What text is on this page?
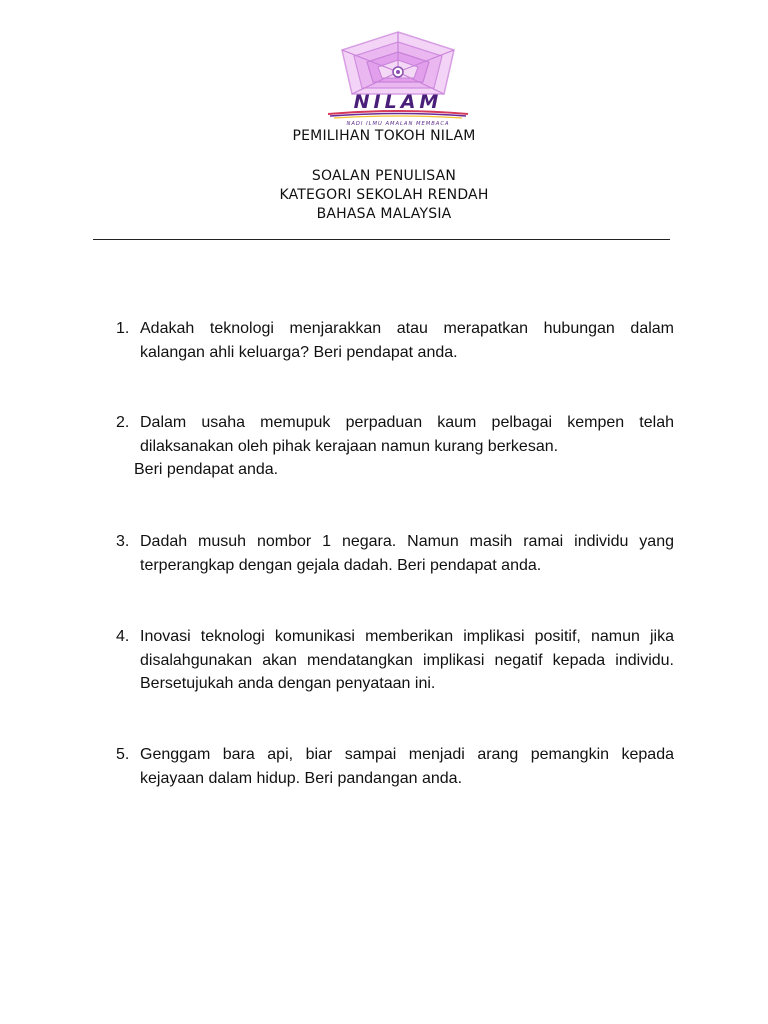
NILAM
NADI ILMU AMALAN MEMBACA
PEMILIHAN TOKOH NILAM
SOALAN PENULISAN
KATEGORI SEKOLAH RENDAH
BAHASA MALAYSIA
1. Adakah teknologi menjarakkan atau merapatkan hubungan dalam kalangan ahli keluarga? Beri pendapat anda.
2. Dalam usaha memupuk perpaduan kaum pelbagai kempen telah dilaksanakan oleh pihak kerajaan namun kurang berkesan.
Beri pendapat anda.
3. Dadah musuh nombor 1 negara. Namun masih ramai individu yang terperangkap dengan gejala dadah. Beri pendapat anda.
4. Inovasi teknologi komunikasi memberikan implikasi positif, namun jika disalahgunakan akan mendatangkan implikasi negatif kepada individu. Bersetujukah anda dengan penyataan ini.
5. Genggam bara api, biar sampai menjadi arang pemangkin kepada kejayaan dalam hidup. Beri pandangan anda.
